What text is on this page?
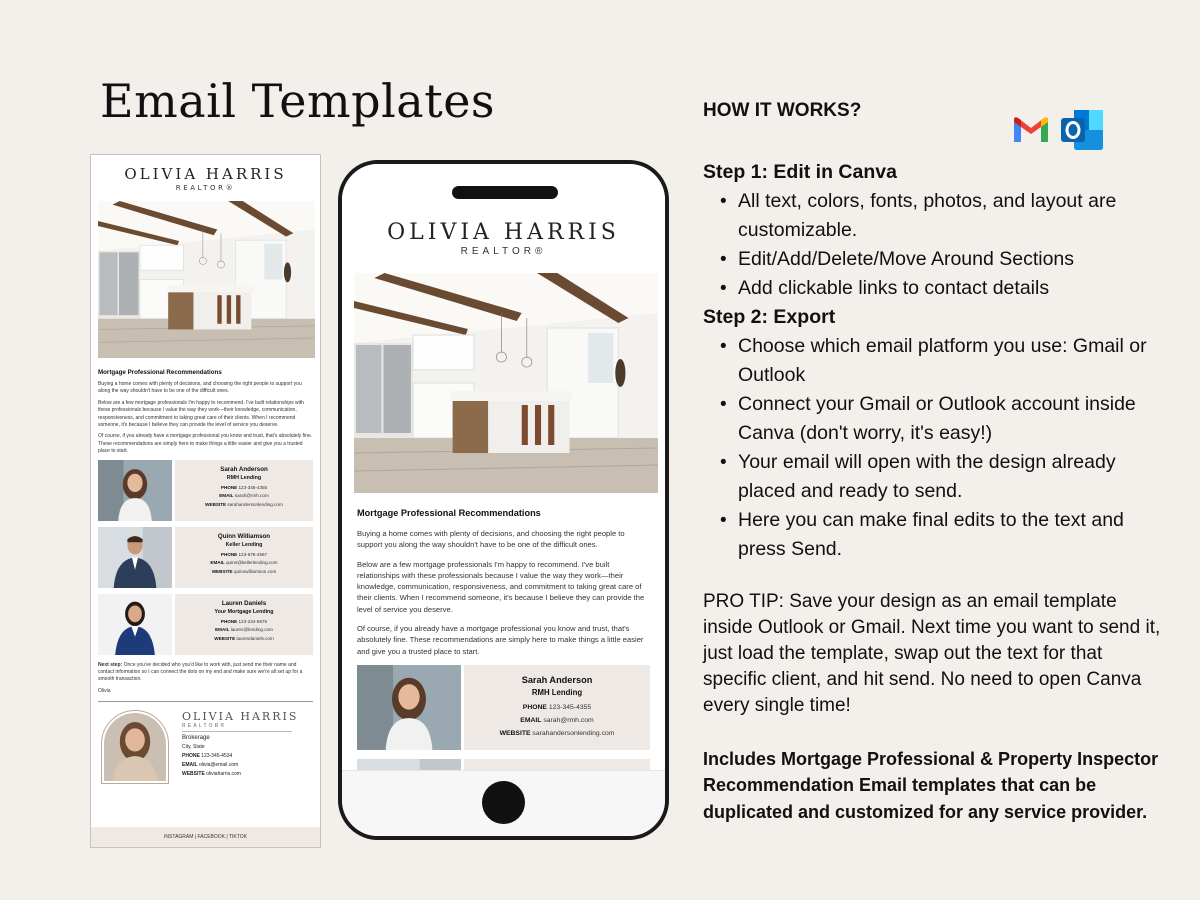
Email Templates
OLIVIA HARRIS
REALTOR®
Mortgage Professional Recommendations

Buying a home comes with plenty of decisions, and choosing the right people to support you along the way shouldn't have to be one of the difficult ones.

Below are a few mortgage professionals I'm happy to recommend. I've built relationships with these professionals because I value the way they work—their knowledge, communication, responsiveness, and commitment to taking great care of their clients. When I recommend someone, it's because I believe they can provide the level of service you deserve.

Of course, if you already have a mortgage professional you know and trust, that's absolutely fine. These recommendations are simply here to make things a little easier and give you a trusted place to start.

Sarah Anderson
RMH Lending
PHONE 123-345-4355
EMAIL sarah@rmh.com
WEBSITE sarahandersonlending.com
Quinn Williamson
Keller Lending
PHONE 123-676-4567
EMAIL quinn@kellerlending.com
WEBSITE quinnwilliamson.com
Lauren Daniels
Your Mortgage Lending
PHONE 123-234-5675
EMAIL lauren@lending.com
WEBSITE laurendaniels.com

Next step: Once you've decided who you'd like to work with, just send me their name and contact information so I can connect the dots on my end and make sure we're all set up for a smooth transaction.

Olivia

OLIVIA HARRIS
REALTOR®
Brokerage
City, State
PHONE 123-345-4534
EMAIL olivia@email.com
WEBSITE oliviaharris.com
INSTAGRAM | FACEBOOK | TIKTOK
OLIVIA HARRIS
REALTOR®
Mortgage Professional Recommendations

Buying a home comes with plenty of decisions, and choosing the right people to support you along the way shouldn't have to be one of the difficult ones.

Below are a few mortgage professionals I'm happy to recommend. I've built relationships with these professionals because I value the way they work—their knowledge, communication, responsiveness, and commitment to taking great care of their clients. When I recommend someone, it's because I believe they can provide the level of service you deserve.

Of course, if you already have a mortgage professional you know and trust, that's absolutely fine. These recommendations are simply here to make things a little easier and give you a trusted place to start.

Sarah Anderson
RMH Lending
PHONE 123-345-4355
EMAIL sarah@rmh.com
WEBSITE sarahandersonlending.com
HOW IT WORKS?
Step 1: Edit in Canva
• All text, colors, fonts, photos, and layout are customizable.
• Edit/Add/Delete/Move Around Sections
• Add clickable links to contact details
Step 2: Export
• Choose which email platform you use: Gmail or Outlook
• Connect your Gmail or Outlook account inside Canva (don't worry, it's easy!)
• Your email will open with the design already placed and ready to send.
• Here you can make final edits to the text and press Send.
PRO TIP: Save your design as an email template inside Outlook or Gmail. Next time you want to send it, just load the template, swap out the text for that specific client, and hit send. No need to open Canva every single time!
Includes Mortgage Professional & Property Inspector Recommendation Email templates that can be duplicated and customized for any service provider.
